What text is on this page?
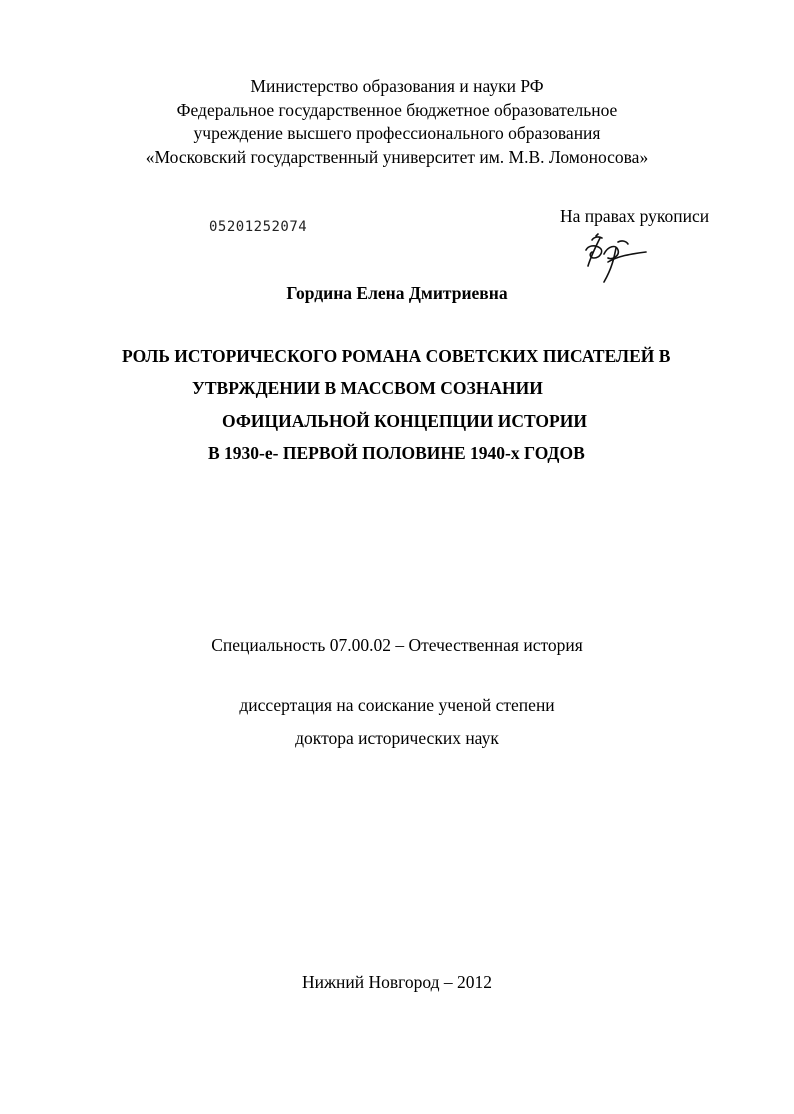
Министерство образования и науки РФ
Федеральное государственное бюджетное образовательное
учреждение высшего профессионального образования
«Московский государственный университет им. М.В. Ломоносова»
05201252074
На правах рукописи
Гордина Елена Дмитриевна
РОЛЬ ИСТОРИЧЕСКОГО РОМАНА СОВЕТСКИХ ПИСАТЕЛЕЙ В
УТВРЖДЕНИИ В МАССВОМ СОЗНАНИИ
ОФИЦИАЛЬНОЙ КОНЦЕПЦИИ ИСТОРИИ
В 1930-е- ПЕРВОЙ ПОЛОВИНЕ 1940-х ГОДОВ
Специальность 07.00.02 – Отечественная история
диссертация на соискание ученой степени
доктора исторических наук
Нижний Новгород – 2012
